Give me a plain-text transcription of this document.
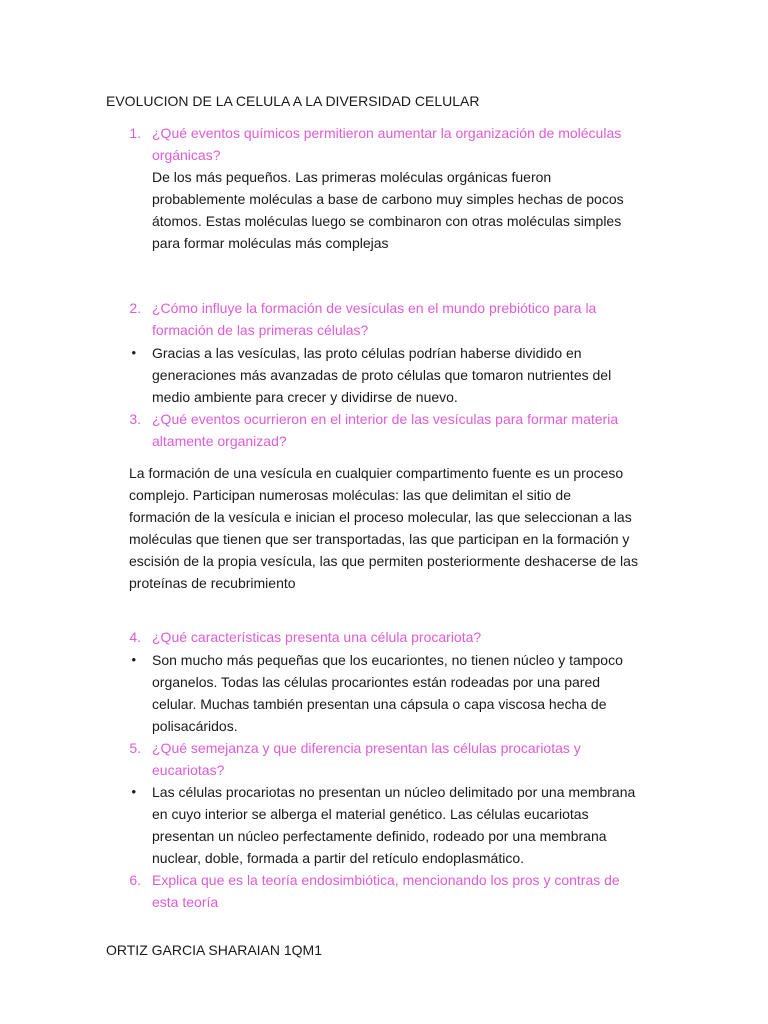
EVOLUCION DE LA CELULA A LA DIVERSIDAD CELULAR
1. ¿Qué eventos químicos permitieron aumentar la organización de moléculas
orgánicas?
De los más pequeños. Las primeras moléculas orgánicas fueron
probablemente moléculas a base de carbono muy simples hechas de pocos
átomos. Estas moléculas luego se combinaron con otras moléculas simples
para formar moléculas más complejas
2. ¿Cómo influye la formación de vesículas en el mundo prebiótico para la
formación de las primeras células?
• Gracias a las vesículas, las proto células podrían haberse dividido en
generaciones más avanzadas de proto células que tomaron nutrientes del
medio ambiente para crecer y dividirse de nuevo.
3. ¿Qué eventos ocurrieron en el interior de las vesículas para formar materia
altamente organizad?
La formación de una vesícula en cualquier compartimento fuente es un proceso
complejo. Participan numerosas moléculas: las que delimitan el sitio de
formación de la vesícula e inician el proceso molecular, las que seleccionan a las
moléculas que tienen que ser transportadas, las que participan en la formación y
escisión de la propia vesícula, las que permiten posteriormente deshacerse de las
proteínas de recubrimiento
4. ¿Qué características presenta una célula procariota?
• Son mucho más pequeñas que los eucariontes, no tienen núcleo y tampoco
organelos. Todas las células procariontes están rodeadas por una pared
celular. Muchas también presentan una cápsula o capa viscosa hecha de
polisacáridos.
5. ¿Qué semejanza y que diferencia presentan las células procariotas y
eucariotas?
• Las células procariotas no presentan un núcleo delimitado por una membrana
en cuyo interior se alberga el material genético. Las células eucariotas
presentan un núcleo perfectamente definido, rodeado por una membrana
nuclear, doble, formada a partir del retículo endoplasmático.
6. Explica que es la teoría endosimbiótica, mencionando los pros y contras de
esta teoría
ORTIZ GARCIA SHARAIAN 1QM1
